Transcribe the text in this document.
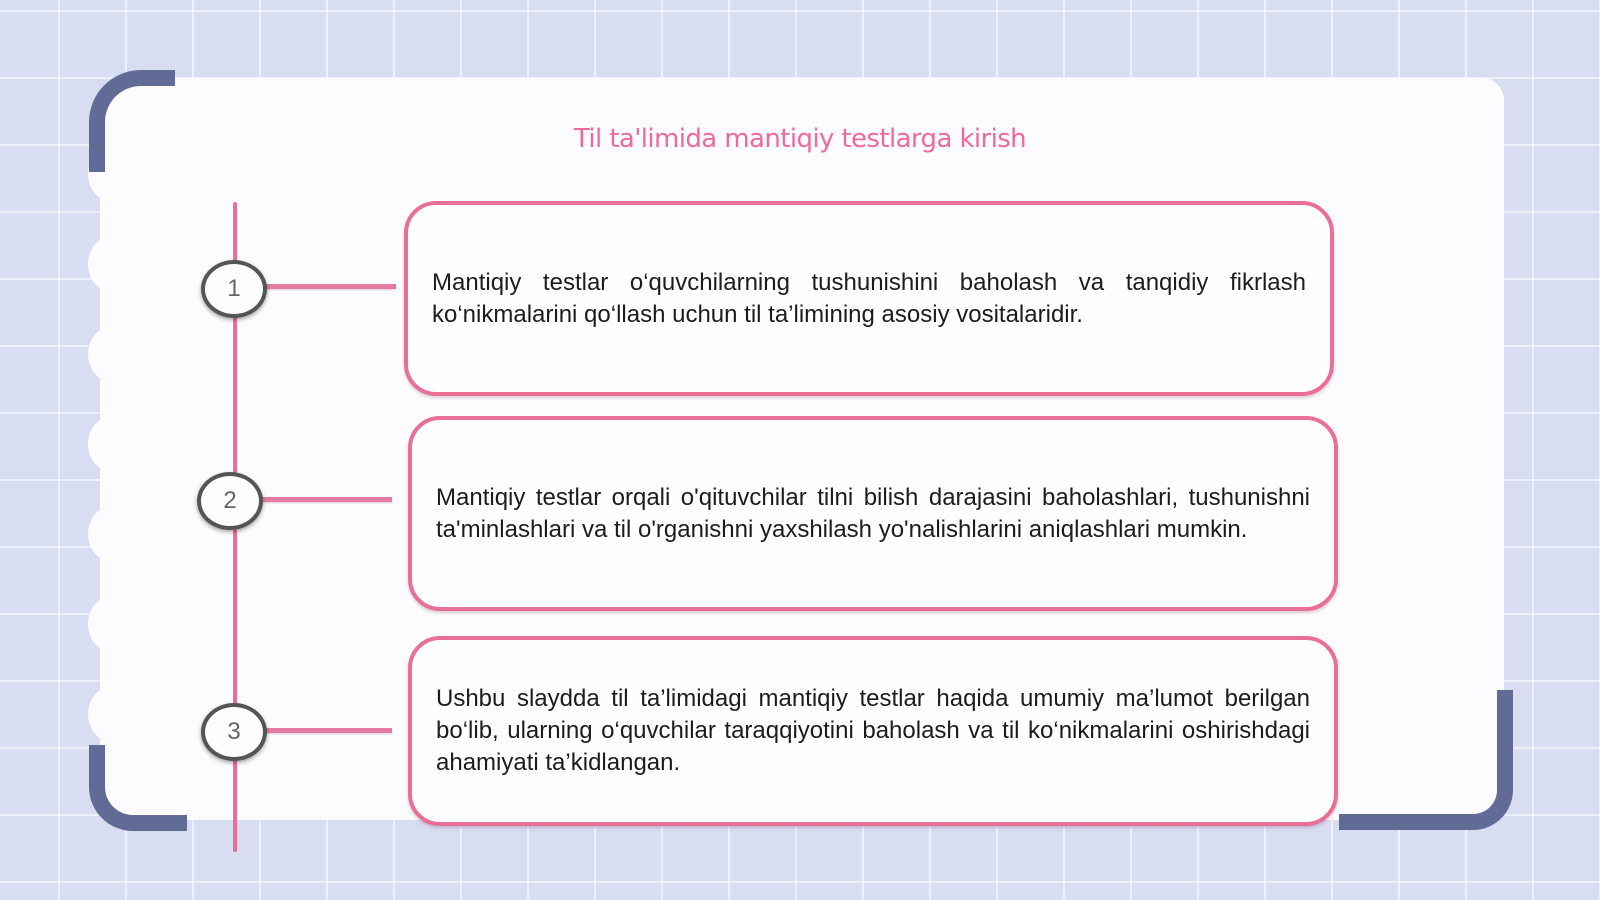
Til ta'limida mantiqiy testlarga kirish
1
2
3

Mantiqiy testlar o‘quvchilarning tushunishini baholash va tanqidiy fikrlash ko‘nikmalarini qo‘llash uchun til ta’limining asosiy vositalaridir.

Mantiqiy testlar orqali o'qituvchilar tilni bilish darajasini baholashlari, tushunishni ta'minlashlari va til o'rganishni yaxshilash yo'nalishlarini aniqlashlari mumkin.

Ushbu slaydda til ta’limidagi mantiqiy testlar haqida umumiy ma’lumot berilgan bo‘lib, ularning o‘quvchilar taraqqiyotini baholash va til ko‘nikmalarini oshirishdagi ahamiyati ta’kidlangan.
